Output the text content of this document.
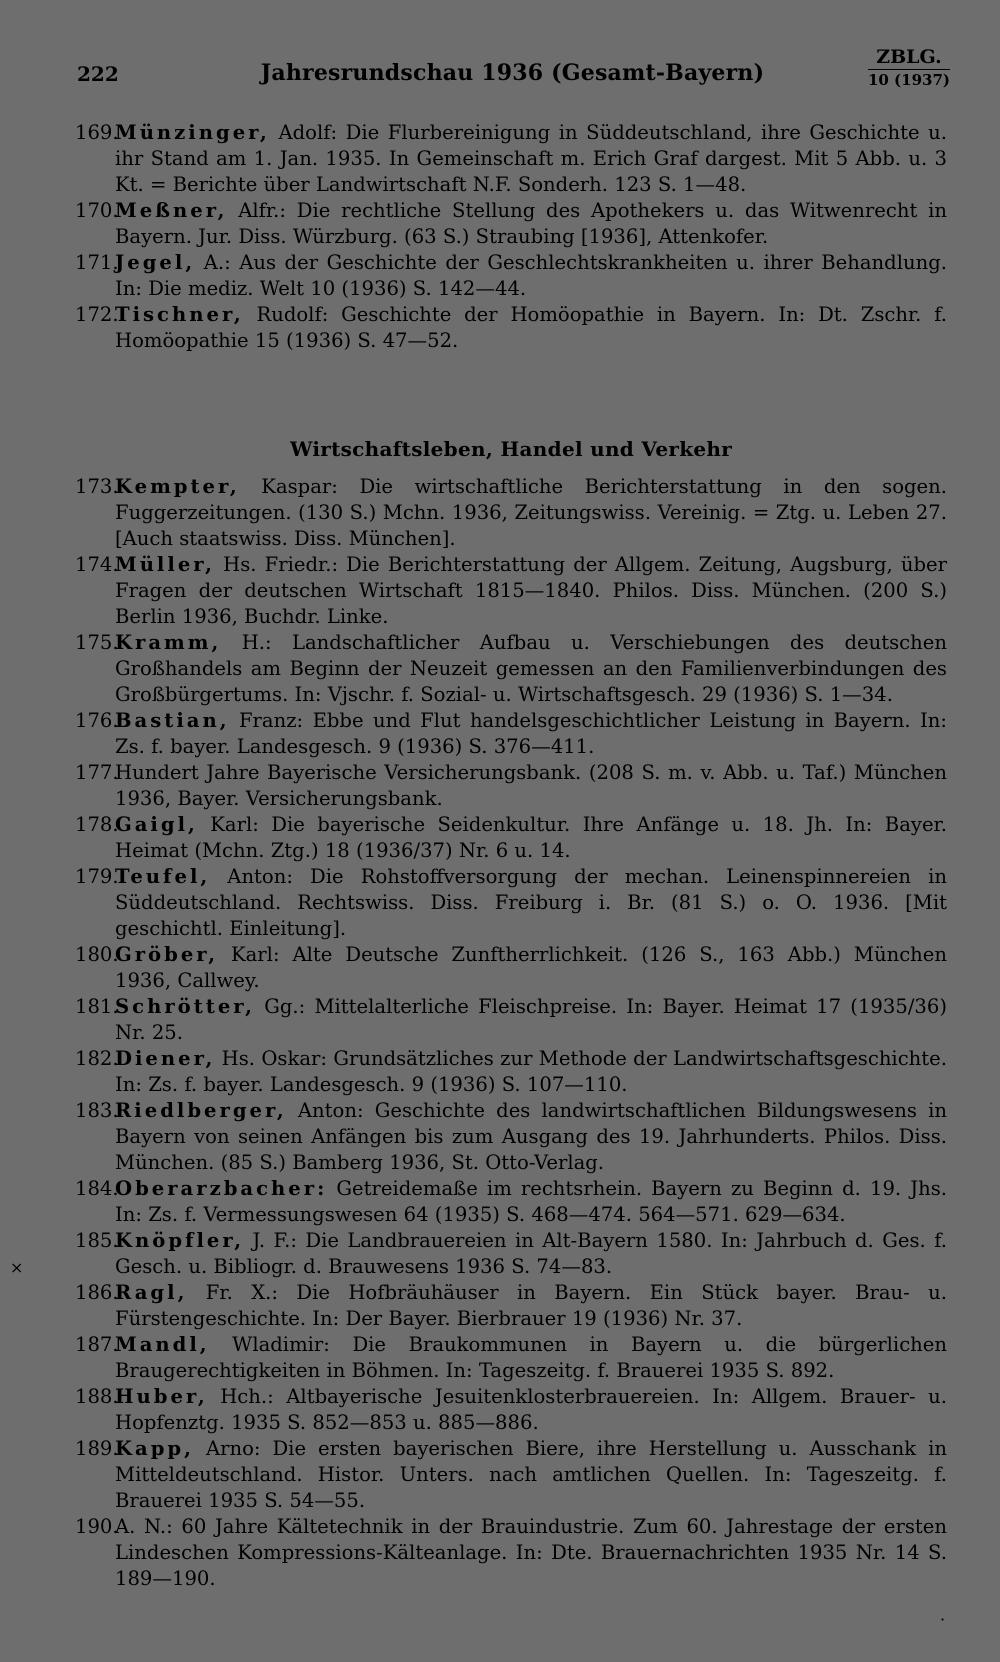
222	Jahresrundschau 1936 (Gesamt-Bayern)
ZBLG.
10 (1937)

169.Münzinger, Adolf: Die Flurbereinigung in Süddeutschland, ihre Geschichte u. ihr Stand am 1. Jan. 1935. In Gemeinschaft m. Erich Graf dargest. Mit 5 Abb. u. 3 Kt. = Berichte über Landwirtschaft N.F. Sonderh. 123 S. 1—48.

170.Meßner, Alfr.: Die rechtliche Stellung des Apothekers u. das Witwenrecht in Bayern. Jur. Diss. Würzburg. (63 S.) Straubing [1936], Attenkofer.

171.Jegel, A.: Aus der Geschichte der Geschlechtskrankheiten u. ihrer Behandlung. In: Die mediz. Welt 10 (1936) S. 142—44.

172.Tischner, Rudolf: Geschichte der Homöopathie in Bayern. In: Dt. Zschr. f. Homöopathie 15 (1936) S. 47—52.

Wirtschaftsleben, Handel und Verkehr

173.Kempter, Kaspar: Die wirtschaftliche Berichterstattung in den sogen. Fuggerzeitungen. (130 S.) Mchn. 1936, Zeitungswiss. Vereinig. = Ztg. u. Leben 27. [Auch staatswiss. Diss. München].

174.Müller, Hs. Friedr.: Die Berichterstattung der Allgem. Zeitung, Augsburg, über Fragen der deutschen Wirtschaft 1815—1840. Philos. Diss. München. (200 S.) Berlin 1936, Buchdr. Linke.

175.Kramm, H.: Landschaftlicher Aufbau u. Verschiebungen des deutschen Großhandels am Beginn der Neuzeit gemessen an den Familienverbindungen des Großbürgertums. In: Vjschr. f. Sozial- u. Wirtschaftsgesch. 29 (1936) S. 1—34.

176.Bastian, Franz: Ebbe und Flut handelsgeschichtlicher Leistung in Bayern. In: Zs. f. bayer. Landesgesch. 9 (1936) S. 376—411.

177.Hundert Jahre Bayerische Versicherungsbank. (208 S. m. v. Abb. u. Taf.) München 1936, Bayer. Versicherungsbank.

178.Gaigl, Karl: Die bayerische Seidenkultur. Ihre Anfänge u. 18. Jh. In: Bayer. Heimat (Mchn. Ztg.) 18 (1936/37) Nr. 6 u. 14.

179.Teufel, Anton: Die Rohstoffversorgung der mechan. Leinenspinnereien in Süddeutschland. Rechtswiss. Diss. Freiburg i. Br. (81 S.) o. O. 1936. [Mit geschichtl. Einleitung].

180.Gröber, Karl: Alte Deutsche Zunftherrlichkeit. (126 S., 163 Abb.) München 1936, Callwey.

181.Schrötter, Gg.: Mittelalterliche Fleischpreise. In: Bayer. Heimat 17 (1935/36) Nr. 25.

182.Diener, Hs. Oskar: Grundsätzliches zur Methode der Landwirtschaftsgeschichte. In: Zs. f. bayer. Landesgesch. 9 (1936) S. 107—110.

183.Riedlberger, Anton: Geschichte des landwirtschaftlichen Bildungswesens in Bayern von seinen Anfängen bis zum Ausgang des 19. Jahrhunderts. Philos. Diss. München. (85 S.) Bamberg 1936, St. Otto-Verlag.

184.Oberarzbacher: Getreidemaße im rechtsrhein. Bayern zu Beginn d. 19. Jhs. In: Zs. f. Vermessungswesen 64 (1935) S. 468—474. 564—571. 629—634.

185.Knöpfler, J. F.: Die Landbrauereien in Alt-Bayern 1580. In: Jahrbuch d. Ges. f. Gesch. u. Bibliogr. d. Brauwesens 1936 S. 74—83.

186.Ragl, Fr. X.: Die Hofbräuhäuser in Bayern. Ein Stück bayer. Brau- u. Fürstengeschichte. In: Der Bayer. Bierbrauer 19 (1936) Nr. 37.

187.Mandl, Wladimir: Die Braukommunen in Bayern u. die bürgerlichen Braugerechtigkeiten in Böhmen. In: Tageszeitg. f. Brauerei 1935 S. 892.

188.Huber, Hch.: Altbayerische Jesuitenklosterbrauereien. In: Allgem. Brauer- u. Hopfenztg. 1935 S. 852—853 u. 885—886.

189.Kapp, Arno: Die ersten bayerischen Biere, ihre Herstellung u. Ausschank in Mitteldeutschland. Histor. Unters. nach amtlichen Quellen. In: Tageszeitg. f. Brauerei 1935 S. 54—55.

190.A. N.: 60 Jahre Kältetechnik in der Brauindustrie. Zum 60. Jahrestage der ersten Lindeschen Kompressions-Kälteanlage. In: Dte. Brauernachrichten 1935 Nr. 14 S. 189—190.

×
·
